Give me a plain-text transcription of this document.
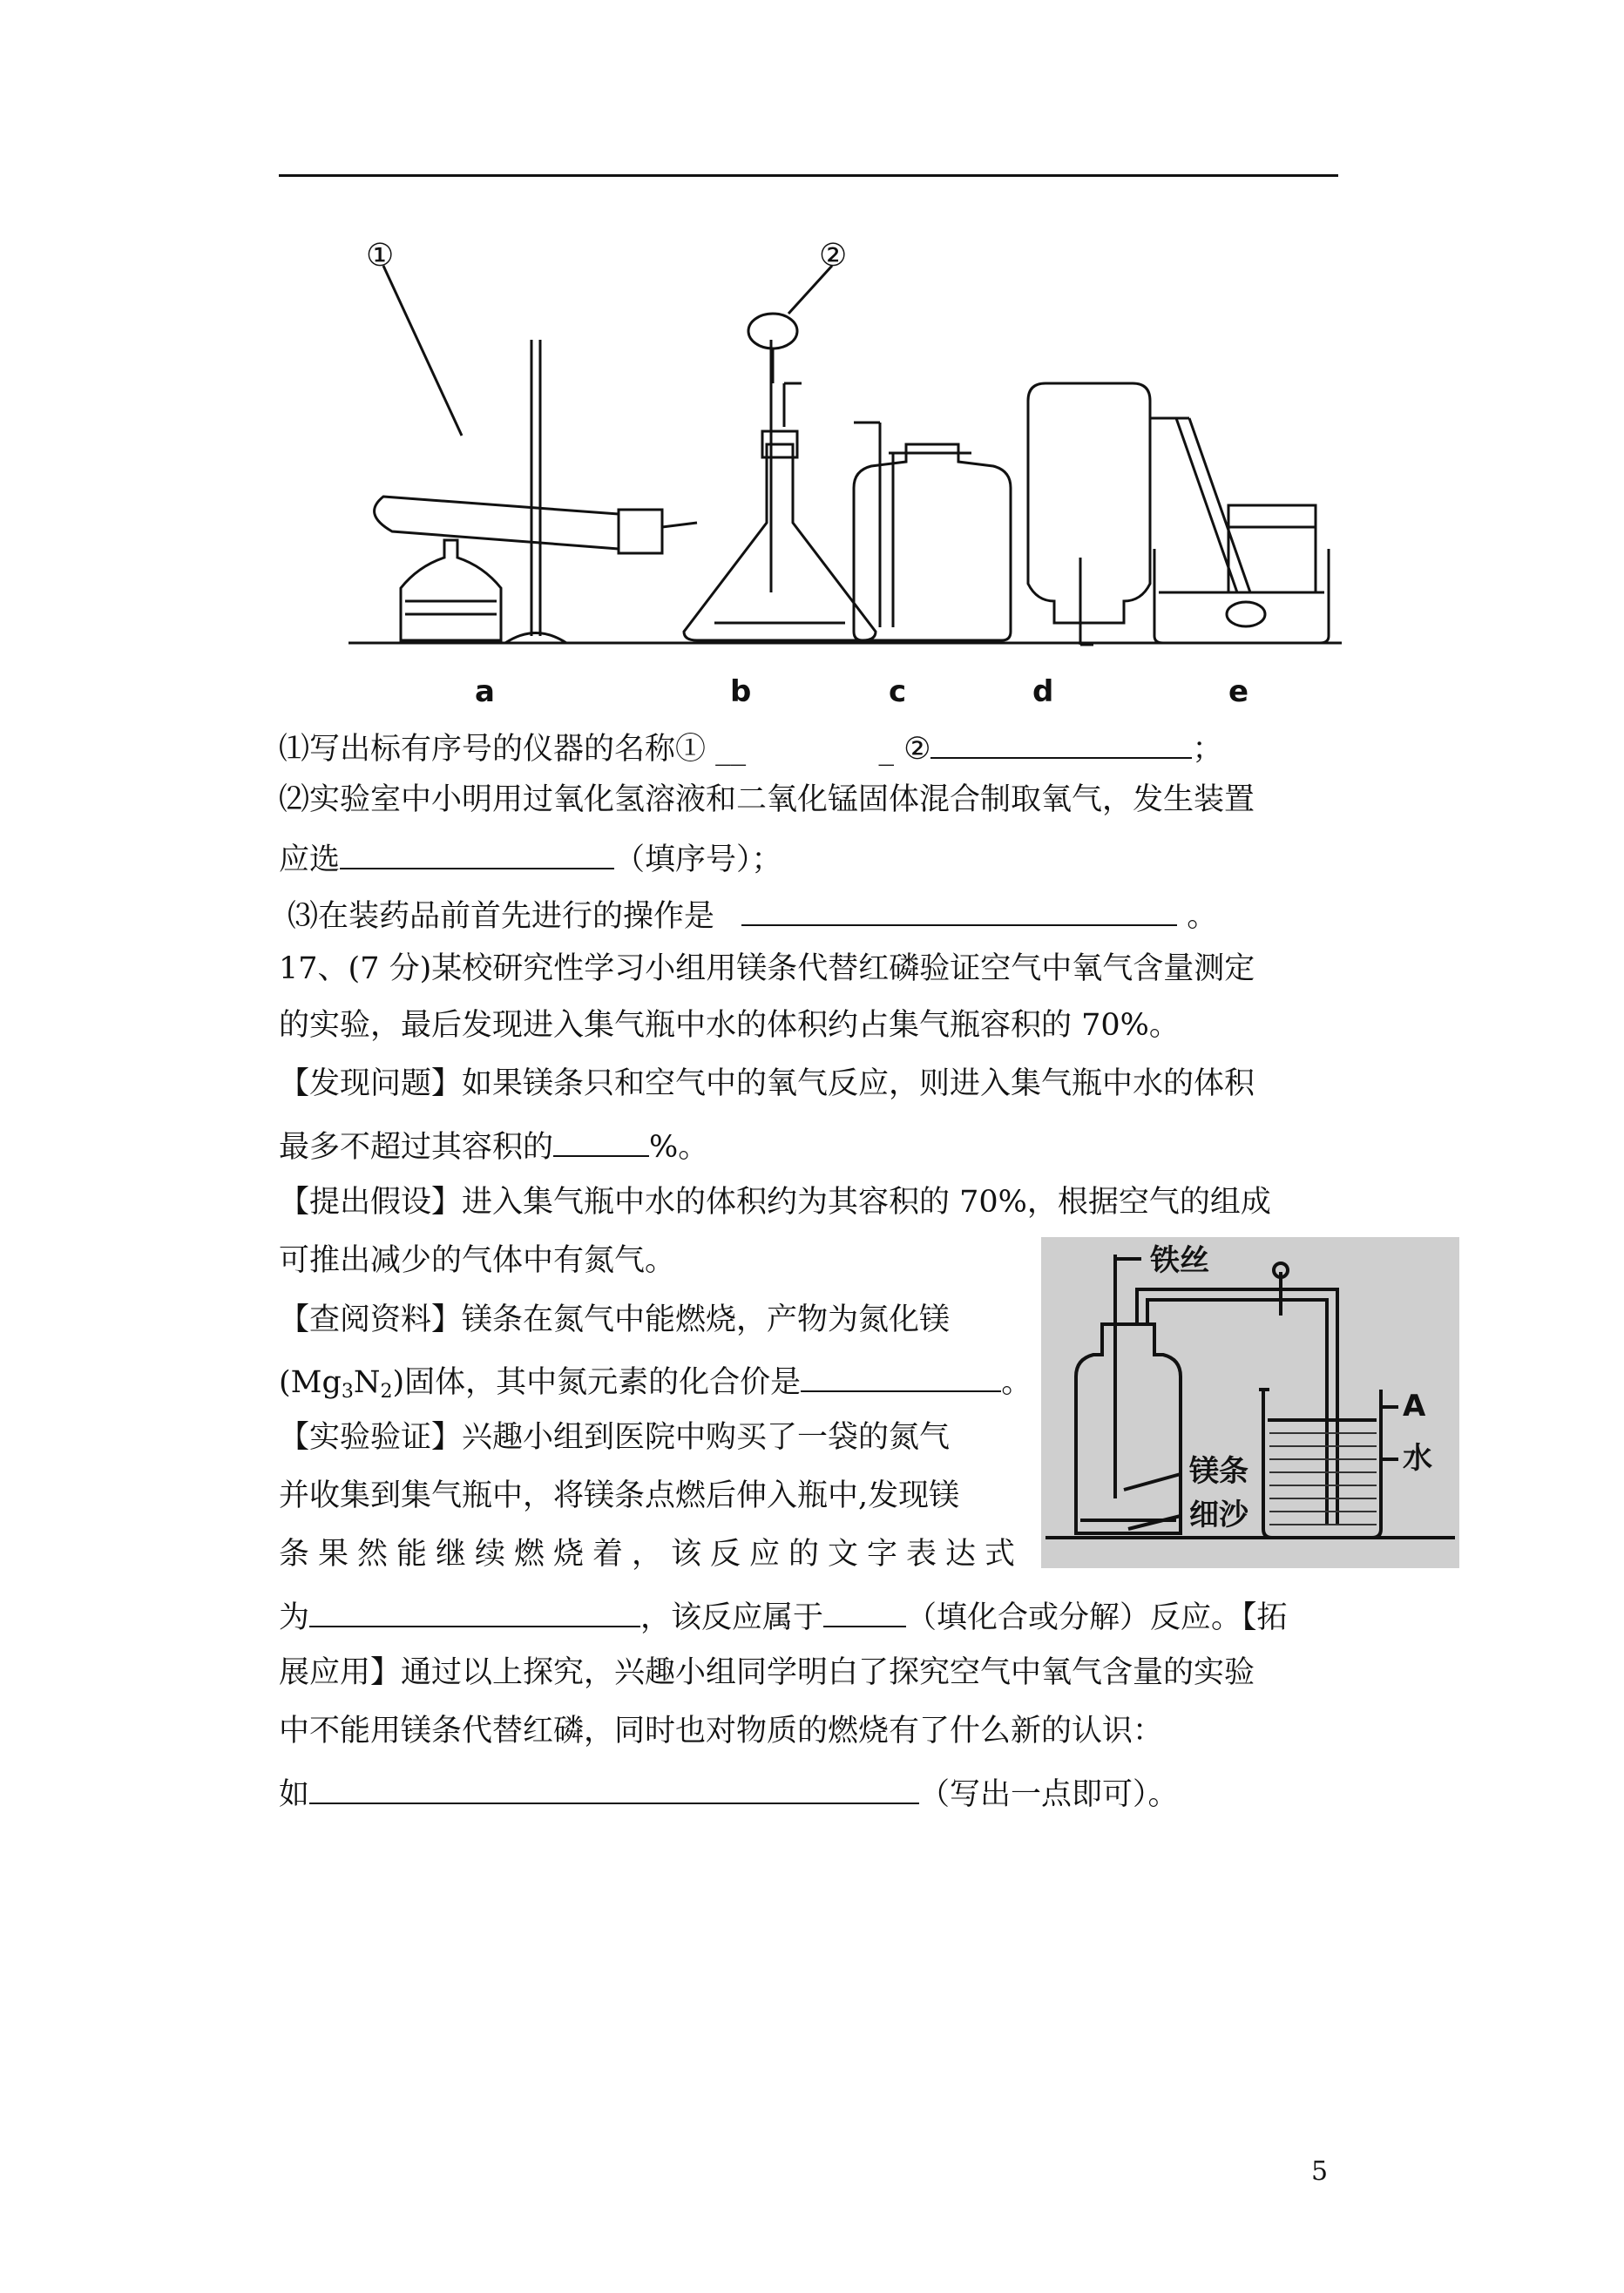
①	②
a	b	c	d	e
⑴写出标有序号的仪器的名称① __	_ ②	；
⑵实验室中小明用过氧化氢溶液和二氧化锰固体混合制取氧气，发生装置
应选	（填序号）；
⑶在装药品前首先进行的操作是	。
17、(7 分)某校研究性学习小组用镁条代替红磷验证空气中氧气含量测定
的实验，最后发现进入集气瓶中水的体积约占集气瓶容积的 70%。
【发现问题】如果镁条只和空气中的氧气反应，则进入集气瓶中水的体积
最多不超过其容积的	%。
【提出假设】进入集气瓶中水的体积约为其容积的 70%，根据空气的组成
可推出减少的气体中有氮气。
【查阅资料】镁条在氮气中能燃烧，产物为氮化镁
$(Mg_3N_2)$固体，其中氮元素的化合价是	。
【实验验证】兴趣小组到医院中购买了一袋的氮气
并收集到集气瓶中，将镁条点燃后伸入瓶中,发现镁
条果然能继续燃烧着，该反应的文字表达式
为	，该反应属于	（填化合或分解）反应。【拓
展应用】通过以上探究，兴趣小组同学明白了探究空气中氧气含量的实验
中不能用镁条代替红磷，同时也对物质的燃烧有了什么新的认识：
如	（写出一点即可）。
铁丝
镁条
细沙
A
水
5
